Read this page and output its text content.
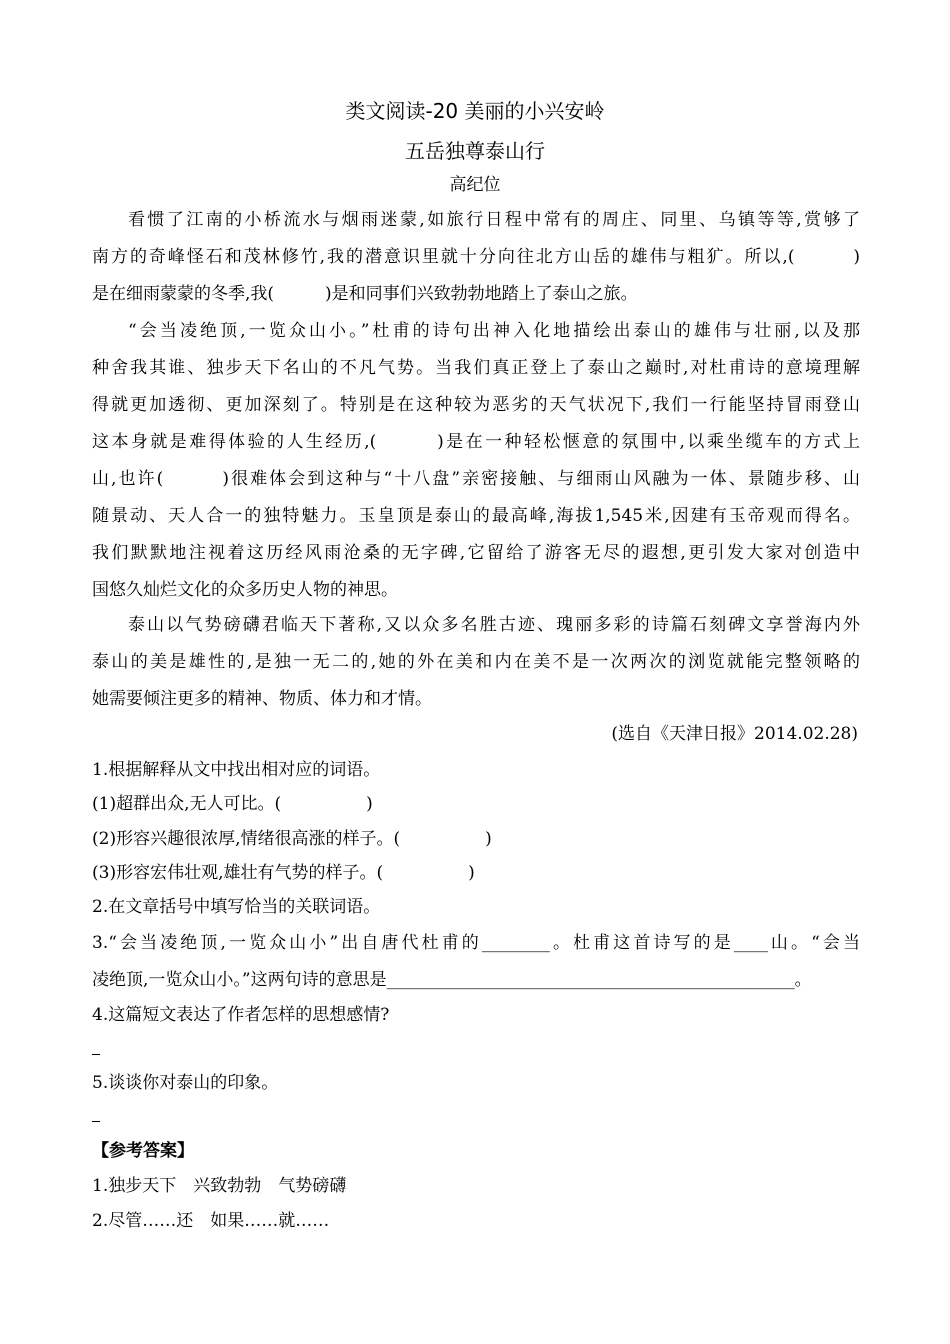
类文阅读-20 美丽的小兴安岭
五岳独尊泰山行
高纪位
看惯了江南的小桥流水与烟雨迷蒙,如旅行日程中常有的周庄、同里、乌镇等等,赏够了
南方的奇峰怪石和茂林修竹,我的潜意识里就十分向往北方山岳的雄伟与粗犷。所以,(　　　)
是在细雨蒙蒙的冬季,我(　　　)是和同事们兴致勃勃地踏上了泰山之旅。
“会当凌绝顶,一览众山小。”杜甫的诗句出神入化地描绘出泰山的雄伟与壮丽,以及那
种舍我其谁、独步天下名山的不凡气势。当我们真正登上了泰山之巅时,对杜甫诗的意境理解
得就更加透彻、更加深刻了。特别是在这种较为恶劣的天气状况下,我们一行能坚持冒雨登山
这本身就是难得体验的人生经历,(　　　)是在一种轻松惬意的氛围中,以乘坐缆车的方式上
山,也许(　　　)很难体会到这种与“十八盘”亲密接触、与细雨山风融为一体、景随步移、山
随景动、天人合一的独特魅力。玉皇顶是泰山的最高峰,海拔1,545米,因建有玉帝观而得名。
我们默默地注视着这历经风雨沧桑的无字碑,它留给了游客无尽的遐想,更引发大家对创造中
国悠久灿烂文化的众多历史人物的神思。
泰山以气势磅礴君临天下著称,又以众多名胜古迹、瑰丽多彩的诗篇石刻碑文享誉海内外
泰山的美是雄性的,是独一无二的,她的外在美和内在美不是一次两次的浏览就能完整领略的
她需要倾注更多的精神、物质、体力和才情。
(选自《天津日报》2014.02.28)
1.根据解释从文中找出相对应的词语。
(1)超群出众,无人可比。(　　　　　)
(2)形容兴趣很浓厚,情绪很高涨的样子。(　　　　　)
(3)形容宏伟壮观,雄壮有气势的样子。(　　　　　)
2.在文章括号中填写恰当的关联词语。
3.“会当凌绝顶,一览众山小”出自唐代杜甫的________。杜甫这首诗写的是____山。“会当
凌绝顶,一览众山小。”这两句诗的意思是________________________________________________。
4.这篇短文表达了作者怎样的思想感情?
5.谈谈你对泰山的印象。
【参考答案】
1.独步天下　兴致勃勃　气势磅礴
2.尽管……还　如果……就……
